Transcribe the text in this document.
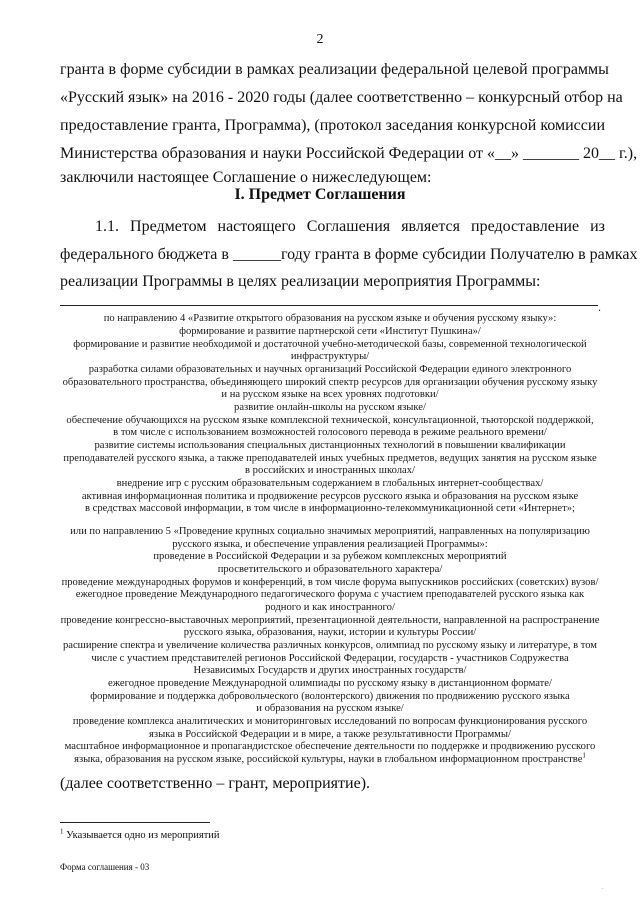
2
гранта в форме субсидии в рамках реализации федеральной целевой программы
«Русский язык» на 2016 - 2020 годы (далее соответственно – конкурсный отбор на
предоставление гранта, Программа), (протокол заседания конкурсной комиссии
Министерства образования и науки Российской Федерации от «__» _______ 20__ г.),
заключили настоящее Соглашение о нижеследующем:
I. Предмет Соглашения
1.1. Предметом настоящего Соглашения является предоставление из
федерального бюджета в ______году гранта в форме субсидии Получателю в рамках
реализации Программы в целях реализации мероприятия Программы:
.
по направлению 4 «Развитие открытого образования на русском языке и обучения русскому языку»:
формирование и развитие партнерской сети «Институт Пушкина»/
формирование и развитие необходимой и достаточной учебно-методической базы, современной технологической
инфраструктуры/
разработка силами образовательных и научных организаций Российской Федерации единого электронного
образовательного пространства, объединяющего широкий спектр ресурсов для организации обучения русскому языку
и на русском языке на всех уровнях подготовки/
развитие онлайн-школы на русском языке/
обеспечение обучающихся на русском языке комплексной технической, консультационной, тьюторской поддержкой,
в том числе с использованием возможностей голосового перевода в режиме реального времени/
развитие системы использования специальных дистанционных технологий в повышении квалификации
преподавателей русского языка, а также преподавателей иных учебных предметов, ведущих занятия на русском языке
в российских и иностранных школах/
внедрение игр с русским образовательным содержанием в глобальных интернет-сообществах/
активная информационная политика и продвижение ресурсов русского языка и образования на русском языке
в средствах массовой информации, в том числе в информационно-телекоммуникационной сети «Интернет»;
или по направлению 5 «Проведение крупных социально значимых мероприятий, направленных на популяризацию
русского языка, и обеспечение управления реализацией Программы»:
проведение в Российской Федерации и за рубежом комплексных мероприятий
просветительского и образовательного характера/
проведение международных форумов и конференций, в том числе форума выпускников российских (советских) вузов/
ежегодное проведение Международного педагогического форума с участием преподавателей русского языка как
родного и как иностранного/
проведение конгрессно-выставочных мероприятий, презентационной деятельности, направленной на распространение
русского языка, образования, науки, истории и культуры России/
расширение спектра и увеличение количества различных конкурсов, олимпиад по русскому языку и литературе, в том
числе с участием представителей регионов Российской Федерации, государств - участников Содружества
Независимых Государств и других иностранных государств/
ежегодное проведение Международной олимпиады по русскому языку в дистанционном формате/
формирование и поддержка добровольческого (волонтерского) движения по продвижению русского языка
и образования на русском языке/
проведение комплекса аналитических и мониторинговых исследований по вопросам функционирования русского
языка в Российской Федерации и в мире, а также результативности Программы/
масштабное информационное и пропагандистское обеспечение деятельности по поддержке и продвижению русского
языка, образования на русском языке, российской культуры, науки в глобальном информационном пространстве$^1$
(далее соответственно – грант, мероприятие).
$^1$ Указывается одно из мероприятий
Форма соглашения - 03
.
